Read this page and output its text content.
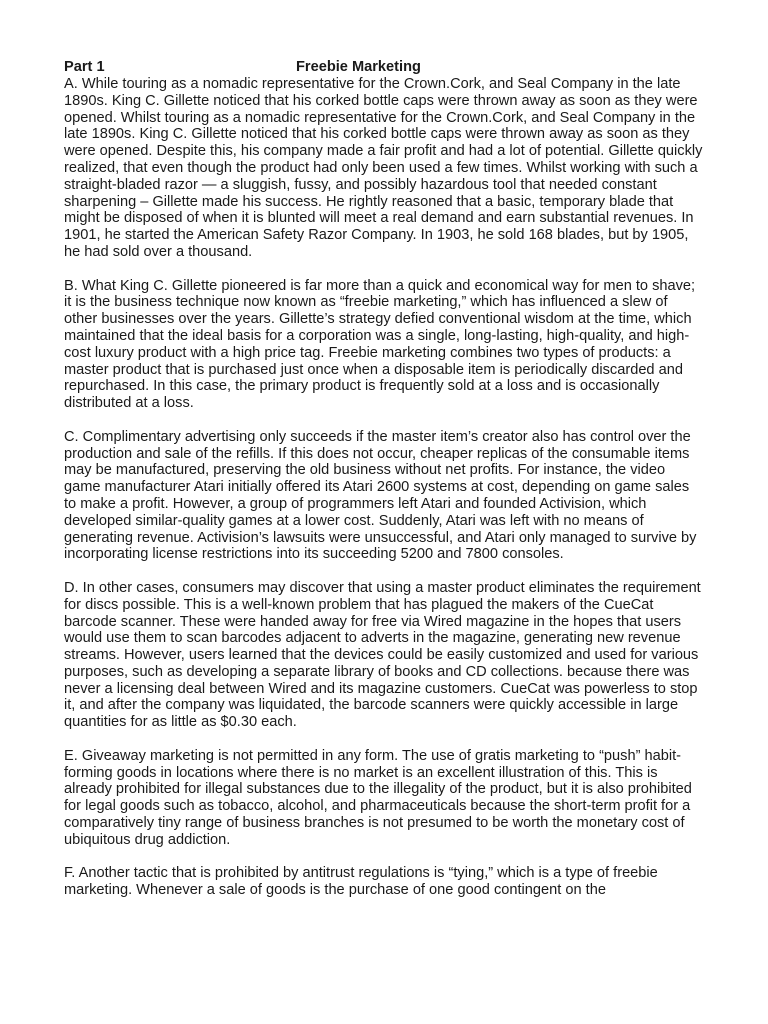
Part 1	Freebie Marketing

A. While touring as a nomadic representative for the Crown.Cork, and Seal Company in the late 1890s. King C. Gillette noticed that his corked bottle caps were thrown away as soon as they were opened. Whilst touring as a nomadic representative for the Crown.Cork, and Seal Company in the late 1890s. King C. Gillette noticed that his corked bottle caps were thrown away as soon as they were opened. Despite this, his company made a fair profit and had a lot of potential. Gillette quickly realized, that even though the product had only been used a few times. Whilst working with such a straight-bladed razor — a sluggish, fussy, and possibly hazardous tool that needed constant sharpening – Gillette made his success. He rightly reasoned that a basic, temporary blade that might be disposed of when it is blunted will meet a real demand and earn substantial revenues. In 1901, he started the American Safety Razor Company. In 1903, he sold 168 blades, but by 1905, he had sold over a thousand.

B. What King C. Gillette pioneered is far more than a quick and economical way for men to shave; it is the business technique now known as “freebie marketing,” which has influenced a slew of other businesses over the years. Gillette’s strategy defied conventional wisdom at the time, which maintained that the ideal basis for a corporation was a single, long-lasting, high-quality, and high-cost luxury product with a high price tag. Freebie marketing combines two types of products: a master product that is purchased just once when a disposable item is periodically discarded and repurchased. In this case, the primary product is frequently sold at a loss and is occasionally distributed at a loss.

C. Complimentary advertising only succeeds if the master item’s creator also has control over the production and sale of the refills. If this does not occur, cheaper replicas of the consumable items may be manufactured, preserving the old business without net profits. For instance, the video game manufacturer Atari initially offered its Atari 2600 systems at cost, depending on game sales to make a profit. However, a group of programmers left Atari and founded Activision, which developed similar-quality games at a lower cost. Suddenly, Atari was left with no means of generating revenue. Activision’s lawsuits were unsuccessful, and Atari only managed to survive by incorporating license restrictions into its succeeding 5200 and 7800 consoles.

D. In other cases, consumers may discover that using a master product eliminates the requirement for discs possible. This is a well-known problem that has plagued the makers of the CueCat barcode scanner. These were handed away for free via Wired magazine in the hopes that users would use them to scan barcodes adjacent to adverts in the magazine, generating new revenue streams. However, users learned that the devices could be easily customized and used for various purposes, such as developing a separate library of books and CD collections. because there was never a licensing deal between Wired and its magazine customers. CueCat was powerless to stop it, and after the company was liquidated, the barcode scanners were quickly accessible in large quantities for as little as $0.30 each.

E. Giveaway marketing is not permitted in any form. The use of gratis marketing to “push” habit-forming goods in locations where there is no market is an excellent illustration of this. This is already prohibited for illegal substances due to the illegality of the product, but it is also prohibited for legal goods such as tobacco, alcohol, and pharmaceuticals because the short-term profit for a comparatively tiny range of business branches is not presumed to be worth the monetary cost of ubiquitous drug addiction.

F. Another tactic that is prohibited by antitrust regulations is “tying,” which is a type of freebie marketing. Whenever a sale of goods is the purchase of one good contingent on the
